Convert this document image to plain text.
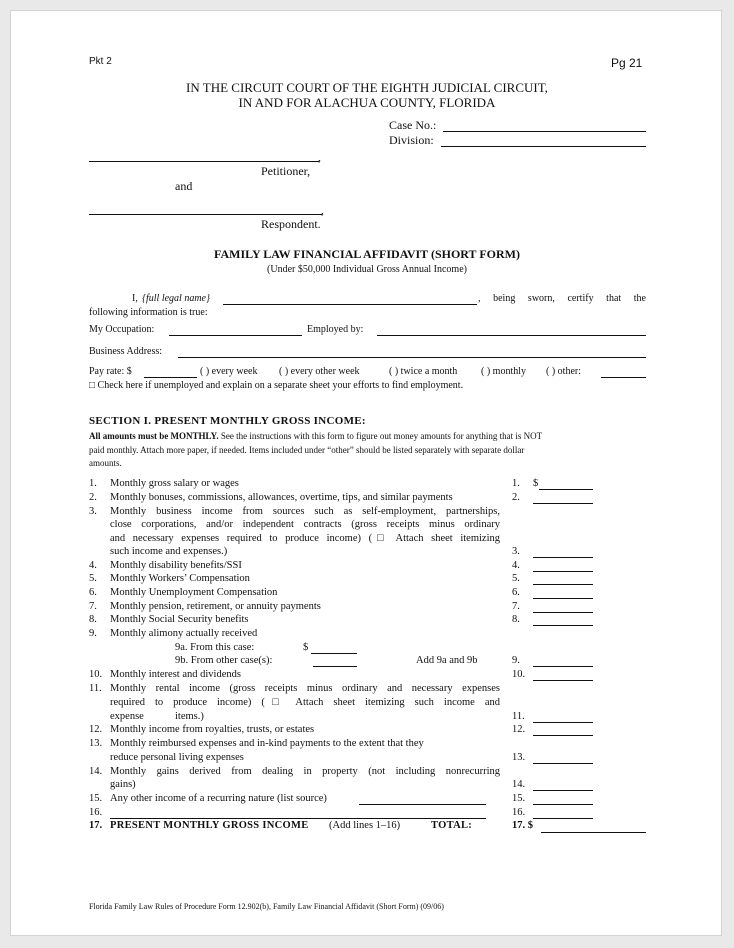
Pkt 2	Pg 21
IN THE CIRCUIT COURT OF THE EIGHTH JUDICIAL CIRCUIT,
IN AND FOR ALACHUA COUNTY, FLORIDA
Case No.:
Division:
,
Petitioner,
and
,
Respondent.
FAMILY LAW FINANCIAL AFFIDAVIT (SHORT FORM)
(Under $50,000 Individual Gross Annual Income)
I, {full legal name}	, being sworn, certify that the
following information is true:
My Occupation:	Employed by:
Business Address:
Pay rate: $	( ) every week ( ) every other week	( ) twice a month ( ) monthly ( ) other:
□ Check here if unemployed and explain on a separate sheet your efforts to find employment.
SECTION I. PRESENT MONTHLY GROSS INCOME:
All amounts must be MONTHLY. See the instructions with this form to figure out money amounts for anything that is NOT
paid monthly. Attach more paper, if needed. Items included under “other” should be listed separately with separate dollar
amounts.
1.	Monthly gross salary or wages	1. $
2.	Monthly bonuses, commissions, allowances, overtime, tips, and similar payments	2.
3.	Monthly business income from sources such as self-employment, partnerships,
close corporations, and/or independent contracts (gross receipts minus ordinary
and necessary expenses required to produce income) (□ Attach sheet itemizing
such income and expenses.)	3.
4.	Monthly disability benefits/SSI	4.
5.	Monthly Workers’ Compensation	5.
6.	Monthly Unemployment Compensation	6.
7.	Monthly pension, retirement, or annuity payments	7.
8.	Monthly Social Security benefits	8.
9.	Monthly alimony actually received
9a. From this case:	$
9b. From other case(s):	Add 9a and 9b	9.
10. Monthly interest and dividends	10.
11. Monthly rental income (gross receipts minus ordinary and necessary expenses
required to produce income) (□ Attach sheet itemizing such income and
expense	items.)	11.
12. Monthly income from royalties, trusts, or estates	12.
13. Monthly reimbursed expenses and in-kind payments to the extent that they
reduce personal living expenses	13.
14. Monthly gains derived from dealing in property (not including nonrecurring
gains)	14.
15. Any other income of a recurring nature (list source)	15.
16.	16.
17. PRESENT MONTHLY GROSS INCOME (Add lines 1–16)	TOTAL:	17. $
Florida Family Law Rules of Procedure Form 12.902(b), Family Law Financial Affidavit (Short Form) (09/06)
